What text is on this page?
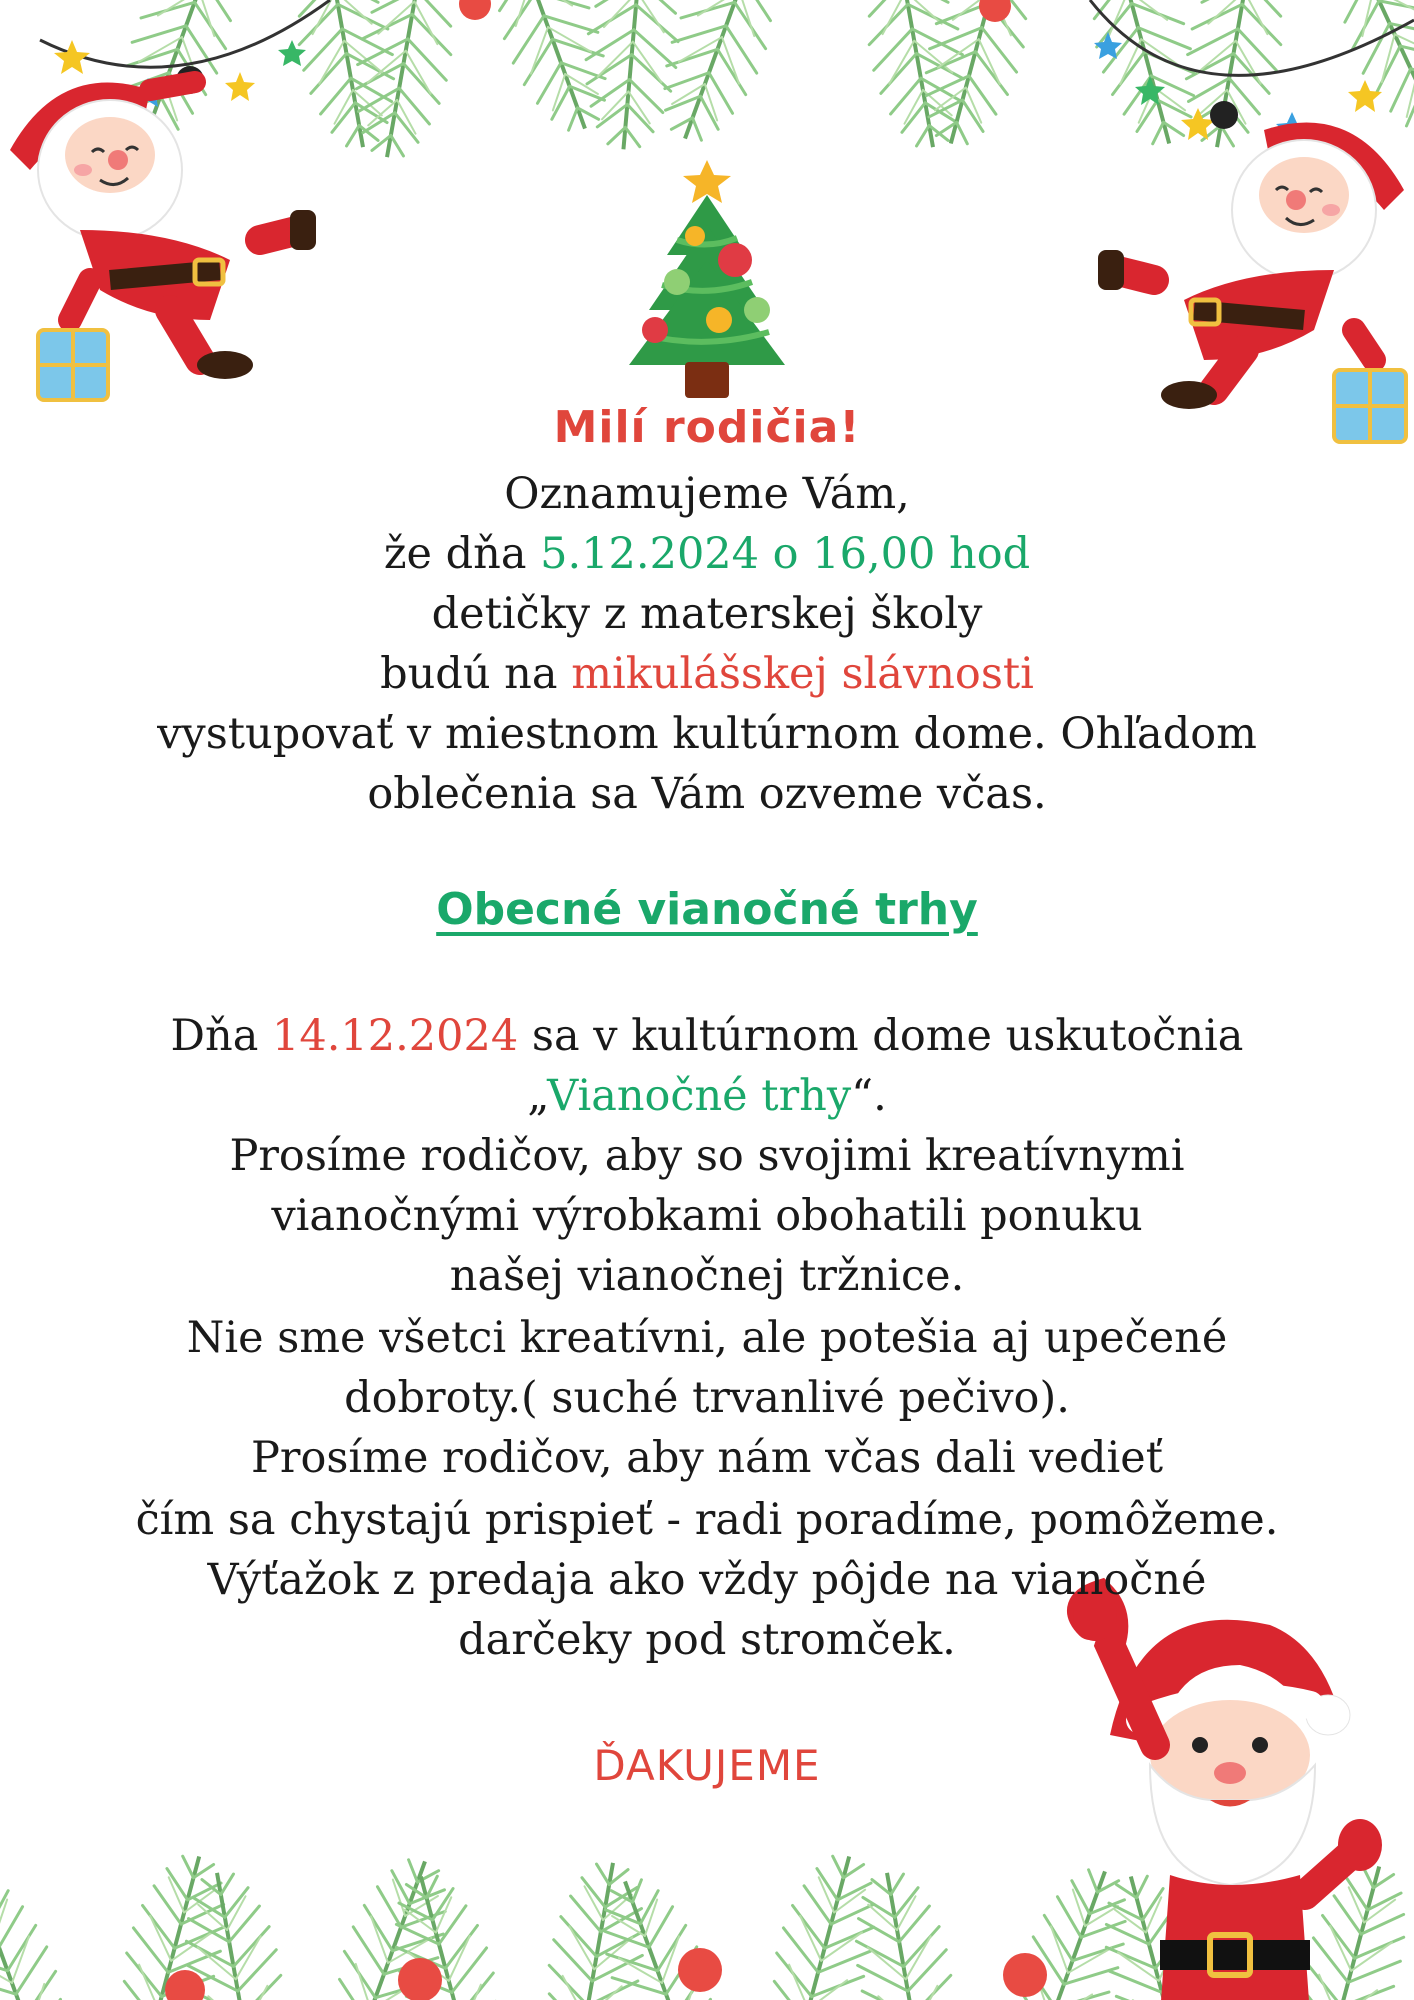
Milí rodičia!
Oznamujeme Vám,
že dňa 5.12.2024 o 16,00 hod
detičky z materskej školy
budú na mikulášskej slávnosti
vystupovať v miestnom kultúrnom dome. Ohľadom
oblečenia sa Vám ozveme včas.
Obecné vianočné trhy
Dňa 14.12.2024 sa v kultúrnom dome uskutočnia
„Vianočné trhy“.
Prosíme rodičov, aby so svojimi kreatívnymi
vianočnými výrobkami obohatili ponuku
našej vianočnej tržnice.
Nie sme všetci kreatívni, ale potešia aj upečené
dobroty.( suché trvanlivé pečivo).
Prosíme rodičov, aby nám včas dali vedieť
čím sa chystajú prispieť - radi poradíme, pomôžeme.
Výťažok z predaja ako vždy pôjde na vianočné
darčeky pod stromček.
ĎAKUJEME
